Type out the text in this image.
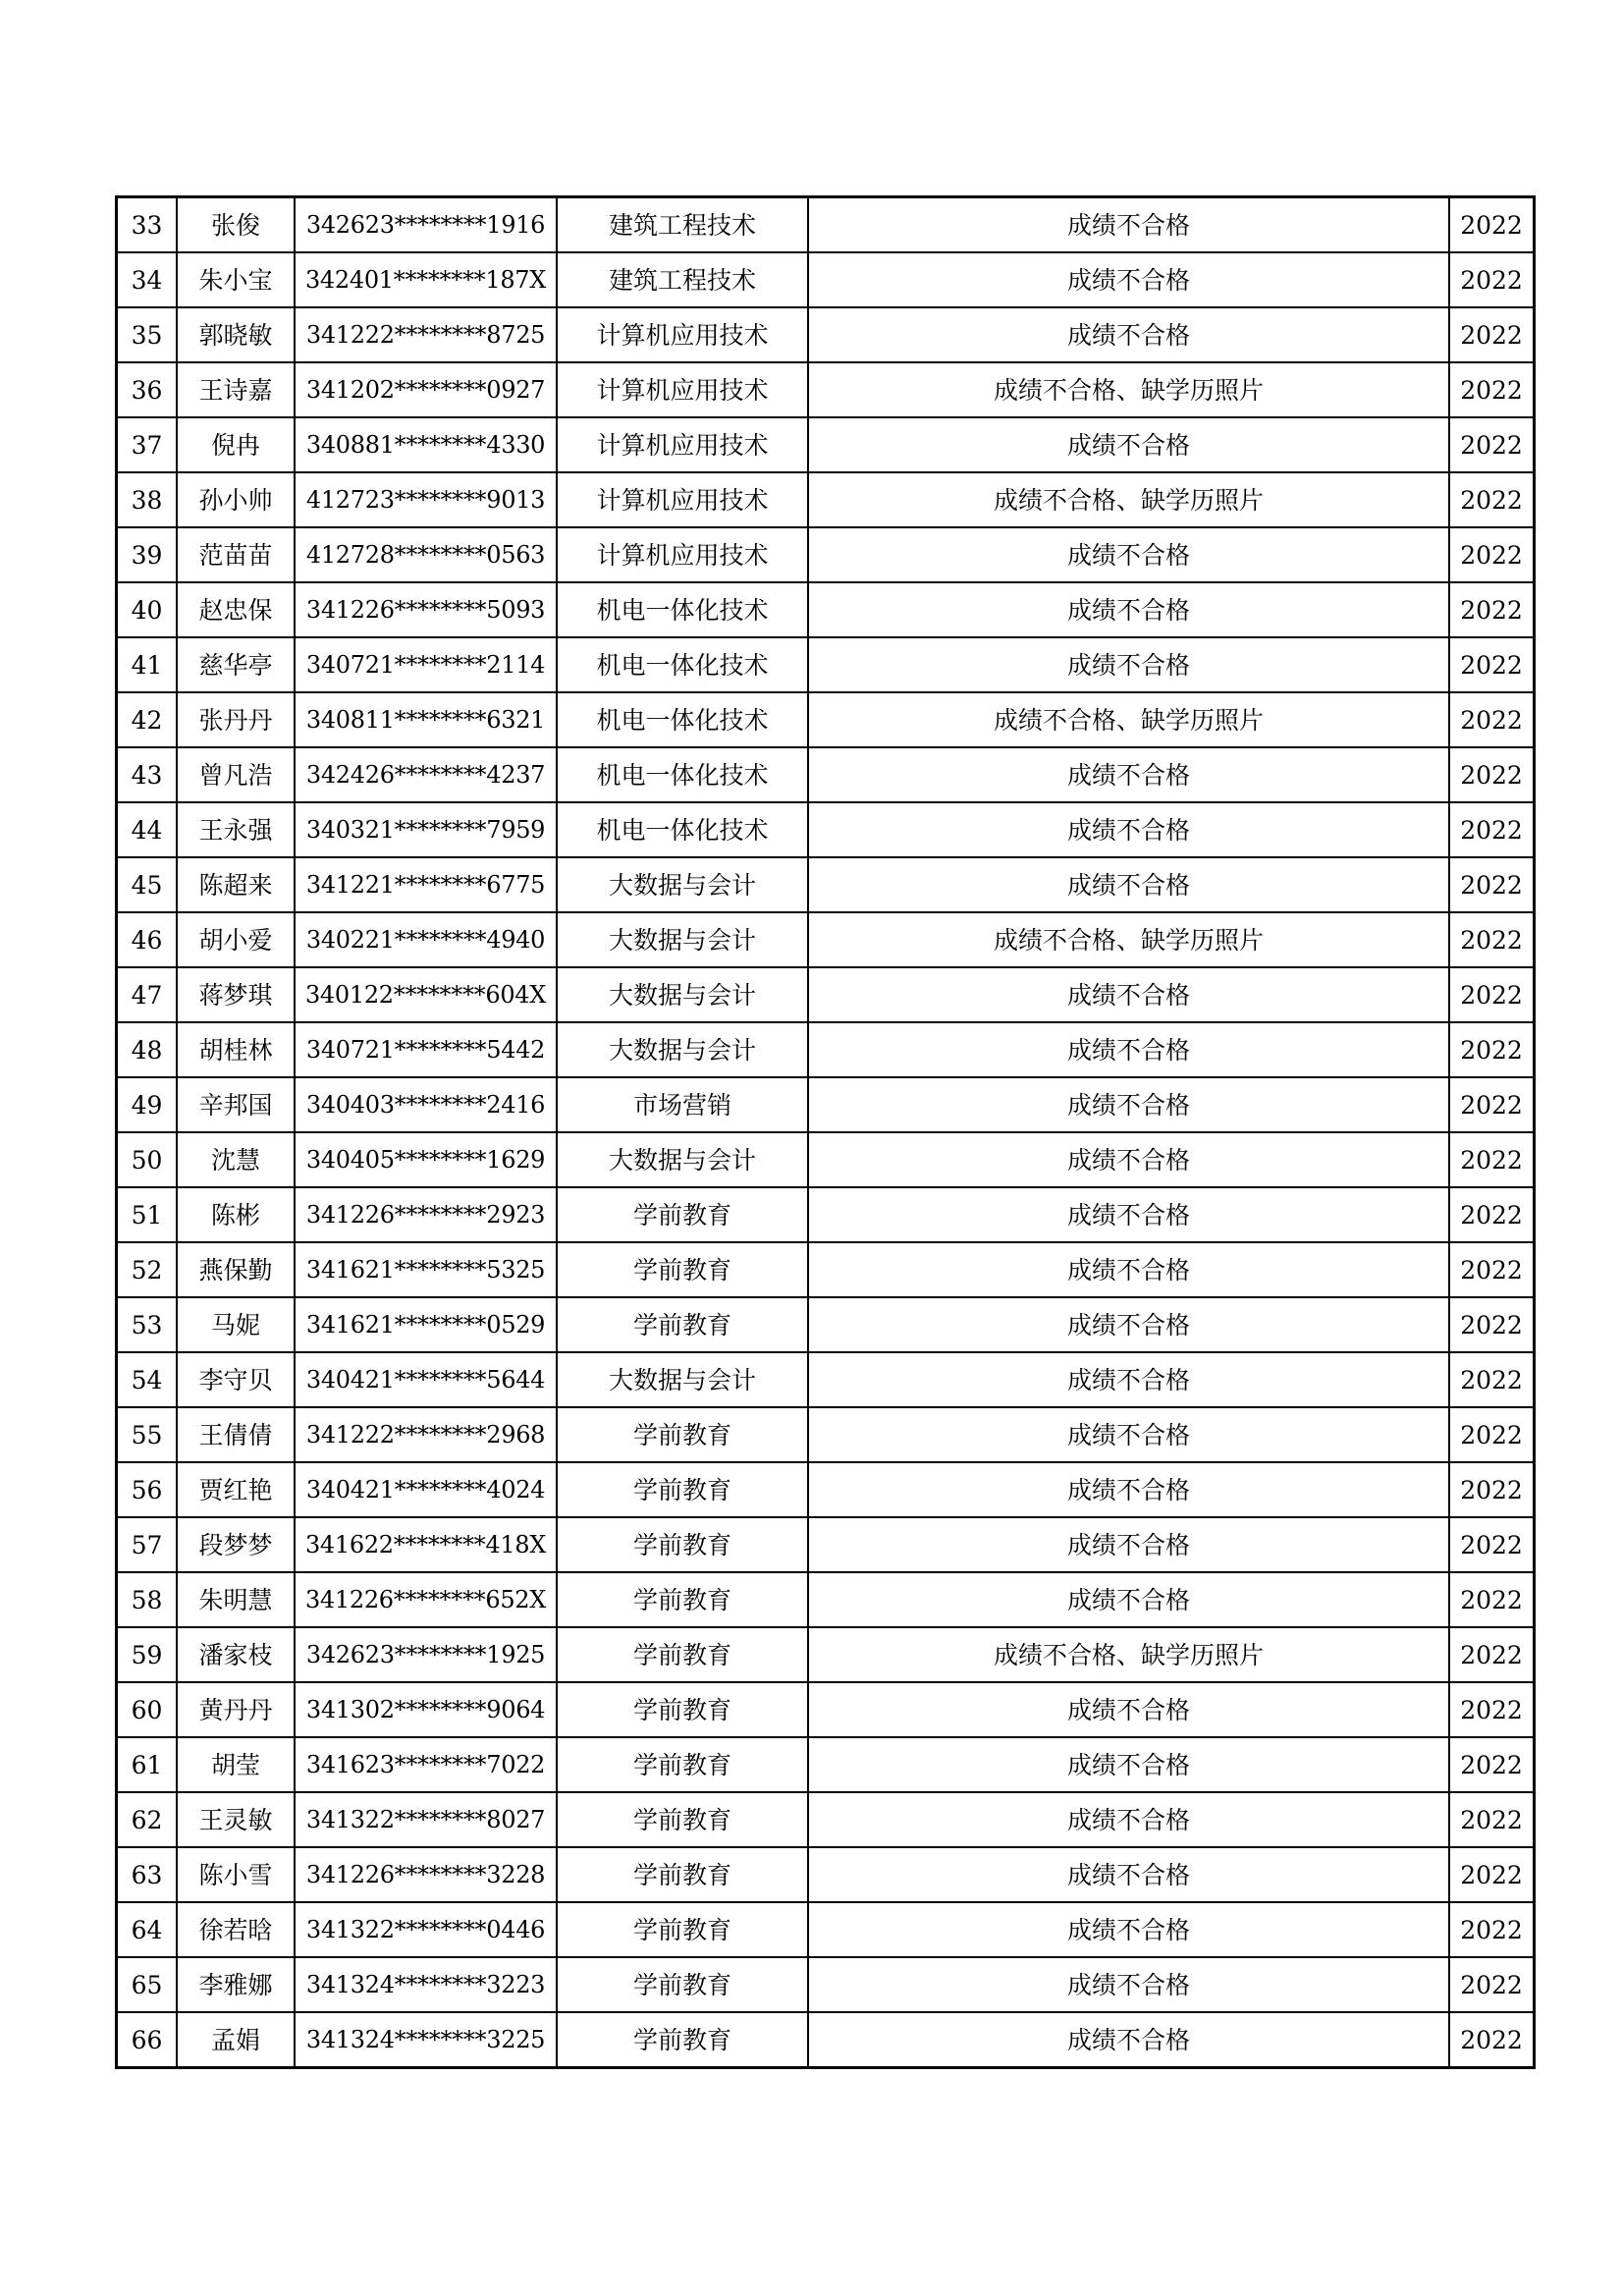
33	张俊	342623********1916	建筑工程技术	成绩不合格	2022
34	朱小宝	342401********187X	建筑工程技术	成绩不合格	2022
35	郭晓敏	341222********8725	计算机应用技术	成绩不合格	2022
36	王诗嘉	341202********0927	计算机应用技术	成绩不合格、缺学历照片	2022
37	倪冉	340881********4330	计算机应用技术	成绩不合格	2022
38	孙小帅	412723********9013	计算机应用技术	成绩不合格、缺学历照片	2022
39	范苗苗	412728********0563	计算机应用技术	成绩不合格	2022
40	赵忠保	341226********5093	机电一体化技术	成绩不合格	2022
41	慈华亭	340721********2114	机电一体化技术	成绩不合格	2022
42	张丹丹	340811********6321	机电一体化技术	成绩不合格、缺学历照片	2022
43	曾凡浩	342426********4237	机电一体化技术	成绩不合格	2022
44	王永强	340321********7959	机电一体化技术	成绩不合格	2022
45	陈超来	341221********6775	大数据与会计	成绩不合格	2022
46	胡小爱	340221********4940	大数据与会计	成绩不合格、缺学历照片	2022
47	蒋梦琪	340122********604X	大数据与会计	成绩不合格	2022
48	胡桂林	340721********5442	大数据与会计	成绩不合格	2022
49	辛邦国	340403********2416	市场营销	成绩不合格	2022
50	沈慧	340405********1629	大数据与会计	成绩不合格	2022
51	陈彬	341226********2923	学前教育	成绩不合格	2022
52	燕保勤	341621********5325	学前教育	成绩不合格	2022
53	马妮	341621********0529	学前教育	成绩不合格	2022
54	李守贝	340421********5644	大数据与会计	成绩不合格	2022
55	王倩倩	341222********2968	学前教育	成绩不合格	2022
56	贾红艳	340421********4024	学前教育	成绩不合格	2022
57	段梦梦	341622********418X	学前教育	成绩不合格	2022
58	朱明慧	341226********652X	学前教育	成绩不合格	2022
59	潘家枝	342623********1925	学前教育	成绩不合格、缺学历照片	2022
60	黄丹丹	341302********9064	学前教育	成绩不合格	2022
61	胡莹	341623********7022	学前教育	成绩不合格	2022
62	王灵敏	341322********8027	学前教育	成绩不合格	2022
63	陈小雪	341226********3228	学前教育	成绩不合格	2022
64	徐若晗	341322********0446	学前教育	成绩不合格	2022
65	李雅娜	341324********3223	学前教育	成绩不合格	2022
66	孟娟	341324********3225	学前教育	成绩不合格	2022
